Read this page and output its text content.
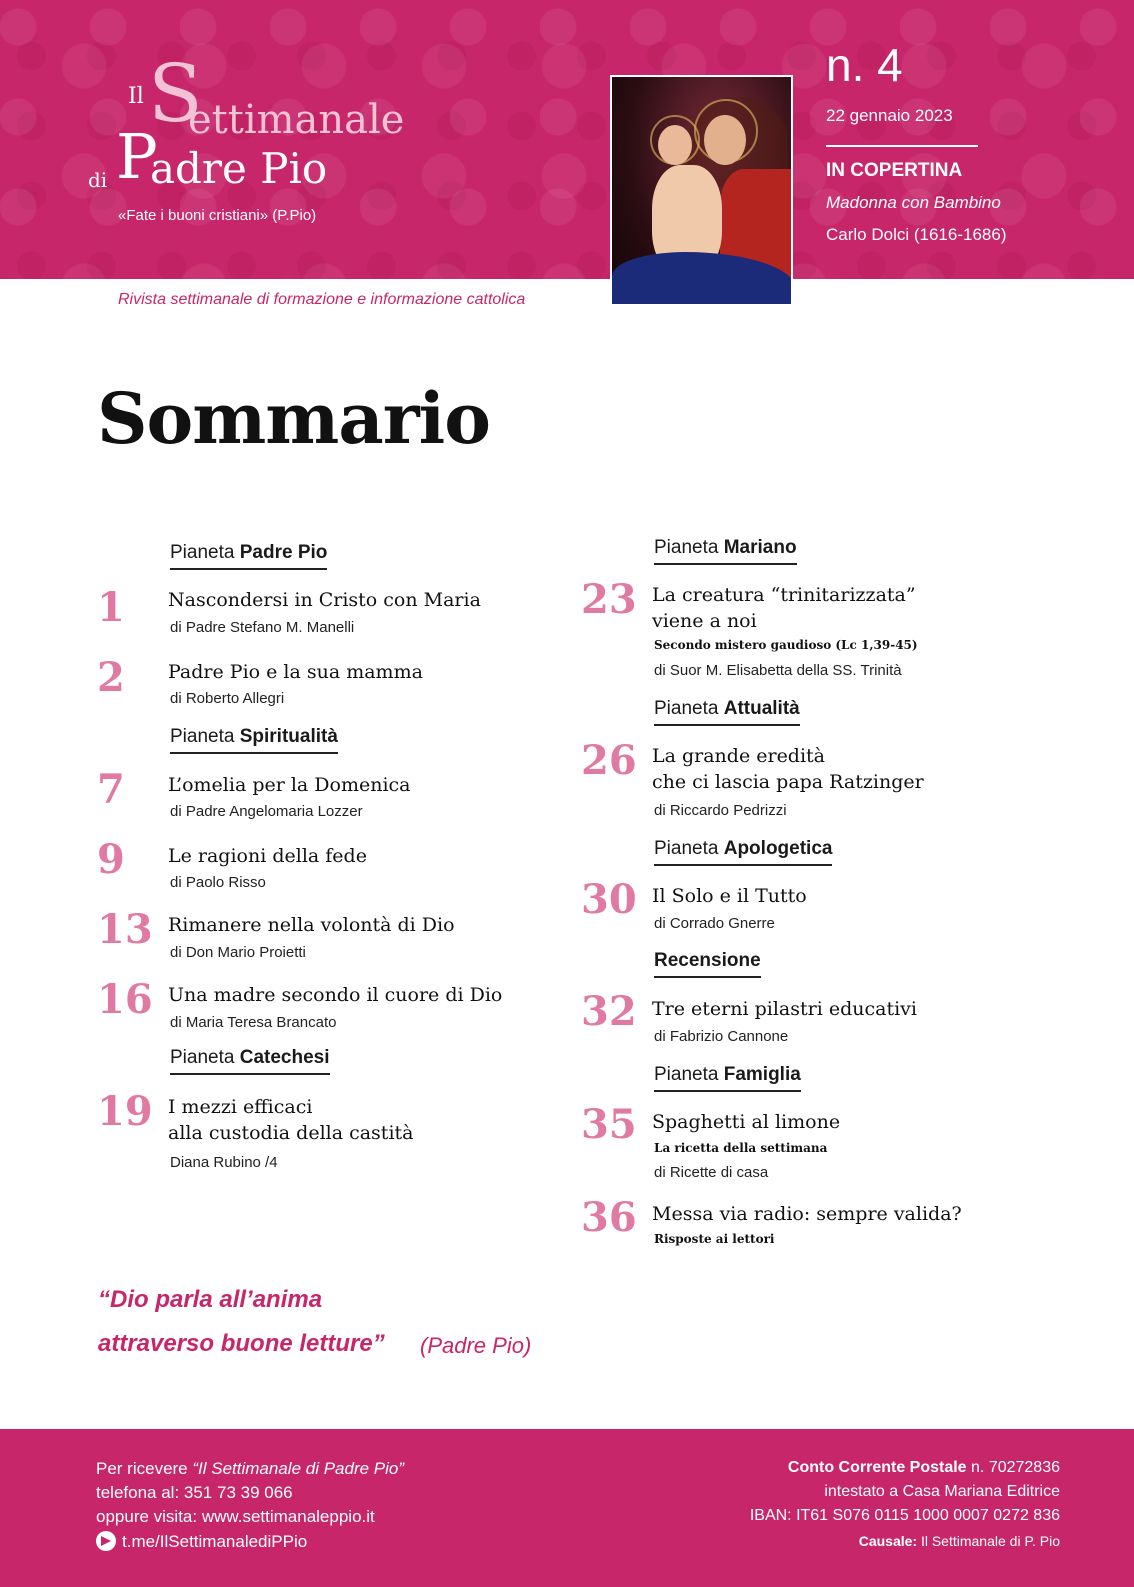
Il S
ettimanale
di P
adre Pio
«Fate i buoni cristiani» (P.Pio)
n. 4
22 gennaio 2023
IN COPERTINA
Madonna con Bambino
Carlo Dolci (1616-1686)
Rivista settimanale di formazione e informazione cattolica
Sommario
Pianeta Padre Pio
Pianeta Spiritualità
Pianeta Catechesi
1 Nascondersi in Cristo con Maria
di Padre Stefano M. Manelli
2 Padre Pio e la sua mamma
di Roberto Allegri
7 L’omelia per la Domenica
di Padre Angelomaria Lozzer
9 Le ragioni della fede
di Paolo Risso
13 Rimanere nella volontà di Dio
di Don Mario Proietti
16 Una madre secondo il cuore di Dio
di Maria Teresa Brancato
19 I mezzi efficaci
alla custodia della castità
Diana Rubino /4
Pianeta Mariano
Pianeta Attualità
Pianeta Apologetica
Recensione
Pianeta Famiglia
23 La creatura “trinitarizzata”
viene a noi
Secondo mistero gaudioso (Lc 1,39-45)
di Suor M. Elisabetta della SS. Trinità
26 La grande eredità
che ci lascia papa Ratzinger
di Riccardo Pedrizzi
30 Il Solo e il Tutto
di Corrado Gnerre
32 Tre eterni pilastri educativi
di Fabrizio Cannone
35 Spaghetti al limone
La ricetta della settimana
di Ricette di casa
36 Messa via radio: sempre valida?
Risposte ai lettori
“Dio parla all’anima
attraverso buone letture” (Padre Pio)
Per ricevere “Il Settimanale di Padre Pio”
telefona al: 351 73 39 066
oppure visita: www.settimanaleppio.it
t.me/IlSettimanalediPPio
Conto Corrente Postale n. 70272836
intestato a Casa Mariana Editrice
IBAN: IT61 S076 0115 1000 0007 0272 836
Causale: Il Settimanale di P. Pio
